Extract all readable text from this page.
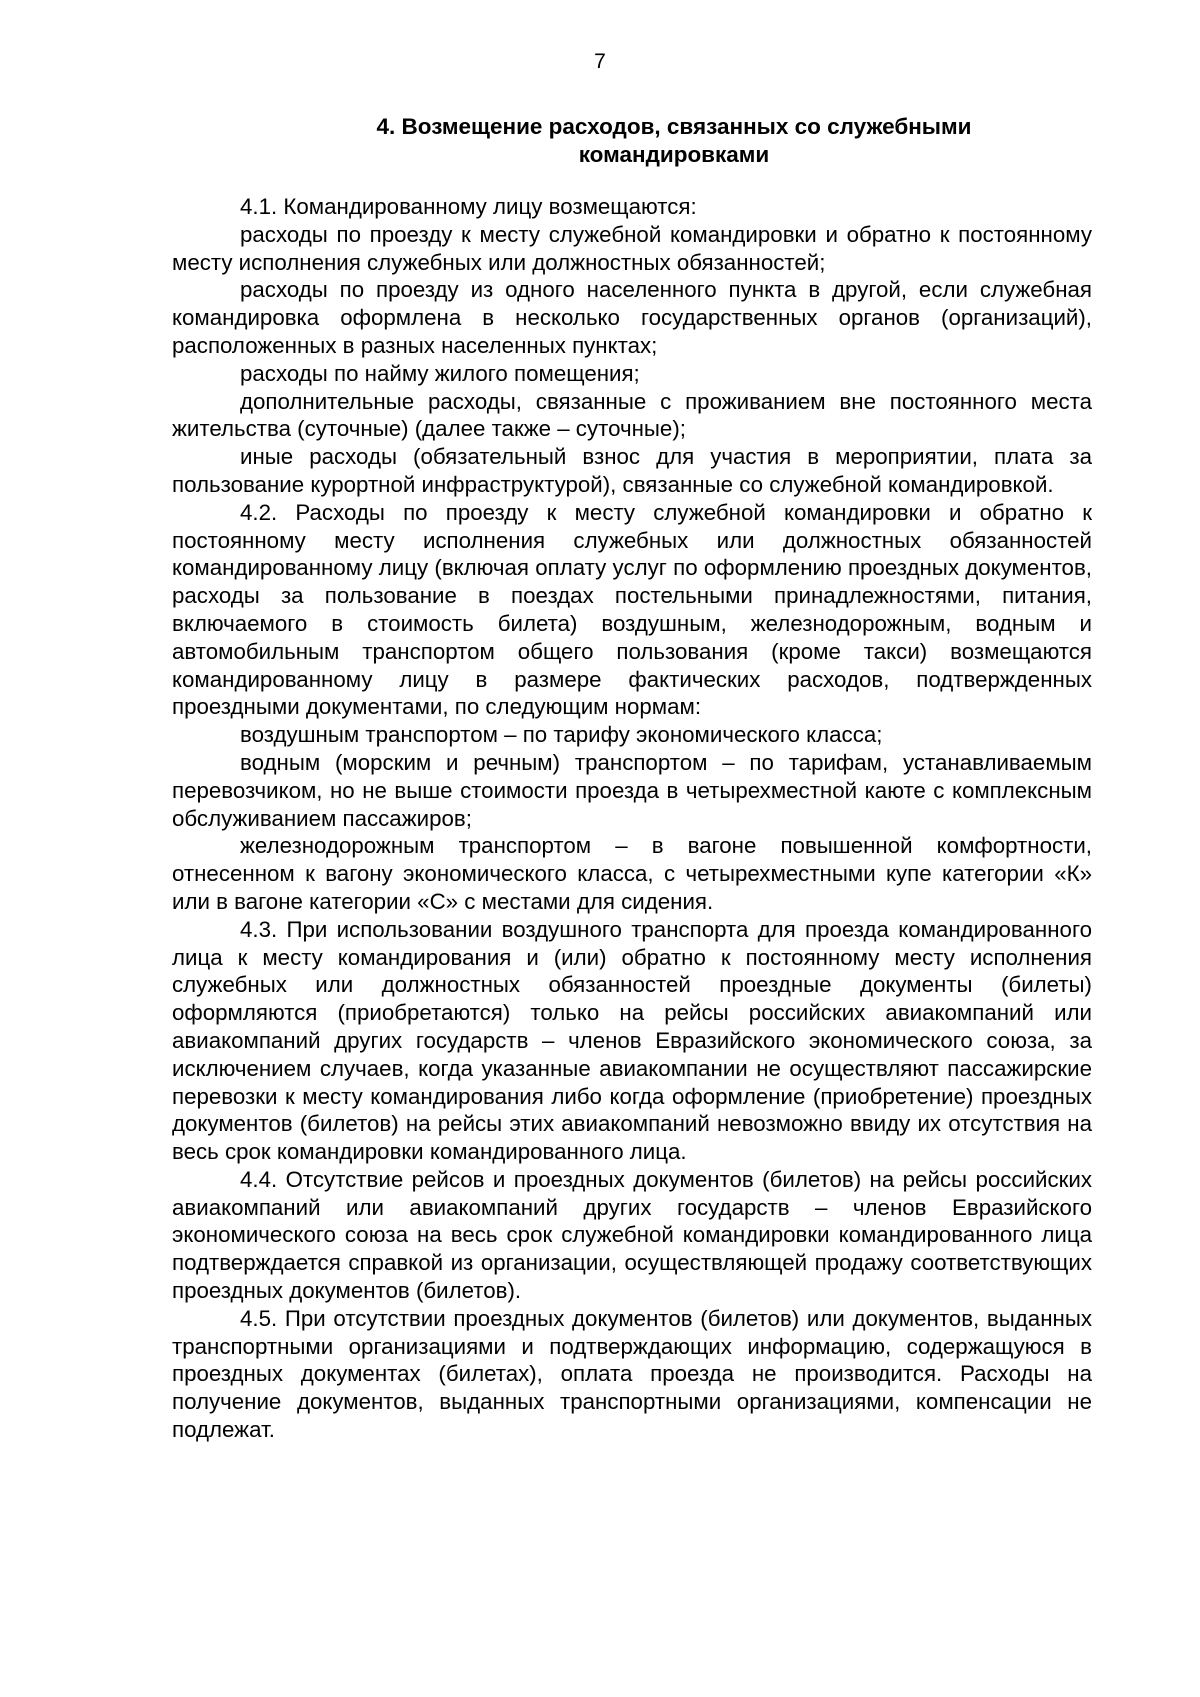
7
4. Возмещение расходов, связанных со служебными
командировками

4.1. Командированному лицу возмещаются:

расходы по проезду к месту служебной командировки и обратно к постоянному месту исполнения служебных или должностных обязанностей;

расходы по проезду из одного населенного пункта в другой, если служебная командировка оформлена в несколько государственных органов (организаций), расположенных в разных населенных пунктах;

расходы по найму жилого помещения;

дополнительные расходы, связанные с проживанием вне постоянного места жительства (суточные) (далее также – суточные);

иные расходы (обязательный взнос для участия в мероприятии, плата за пользование курортной инфраструктурой), связанные со служебной командировкой.

4.2. Расходы по проезду к месту служебной командировки и обратно к постоянному месту исполнения служебных или должностных обязанностей командированному лицу (включая оплату услуг по оформлению проездных документов, расходы за пользование в поездах постельными принадлежностями, питания, включаемого в стоимость билета) воздушным, железнодорожным, водным и автомобильным транспортом общего пользования (кроме такси) возмещаются командированному лицу в размере фактических расходов, подтвержденных проездными документами, по следующим нормам:

воздушным транспортом – по тарифу экономического класса;

водным (морским и речным) транспортом – по тарифам, устанавливаемым перевозчиком, но не выше стоимости проезда в четырехместной каюте с комплексным обслуживанием пассажиров;

железнодорожным транспортом – в вагоне повышенной комфортности, отнесенном к вагону экономического класса, с четырехместными купе категории «К» или в вагоне категории «С» с местами для сидения.

4.3. При использовании воздушного транспорта для проезда командированного лица к месту командирования и (или) обратно к постоянному месту исполнения служебных или должностных обязанностей проездные документы (билеты) оформляются (приобретаются) только на рейсы российских авиакомпаний или авиакомпаний других государств – членов Евразийского экономического союза, за исключением случаев, когда указанные авиакомпании не осуществляют пассажирские перевозки к месту командирования либо когда оформление (приобретение) проездных документов (билетов) на рейсы этих авиакомпаний невозможно ввиду их отсутствия на весь срок командировки командированного лица.

4.4. Отсутствие рейсов и проездных документов (билетов) на рейсы российских авиакомпаний или авиакомпаний других государств – членов Евразийского экономического союза на весь срок служебной командировки командированного лица подтверждается справкой из организации, осуществляющей продажу соответствующих проездных документов (билетов).

4.5. При отсутствии проездных документов (билетов) или документов, выданных транспортными организациями и подтверждающих информацию, содержащуюся в проездных документах (билетах), оплата проезда не производится. Расходы на получение документов, выданных транспортными организациями, компенсации не подлежат.
